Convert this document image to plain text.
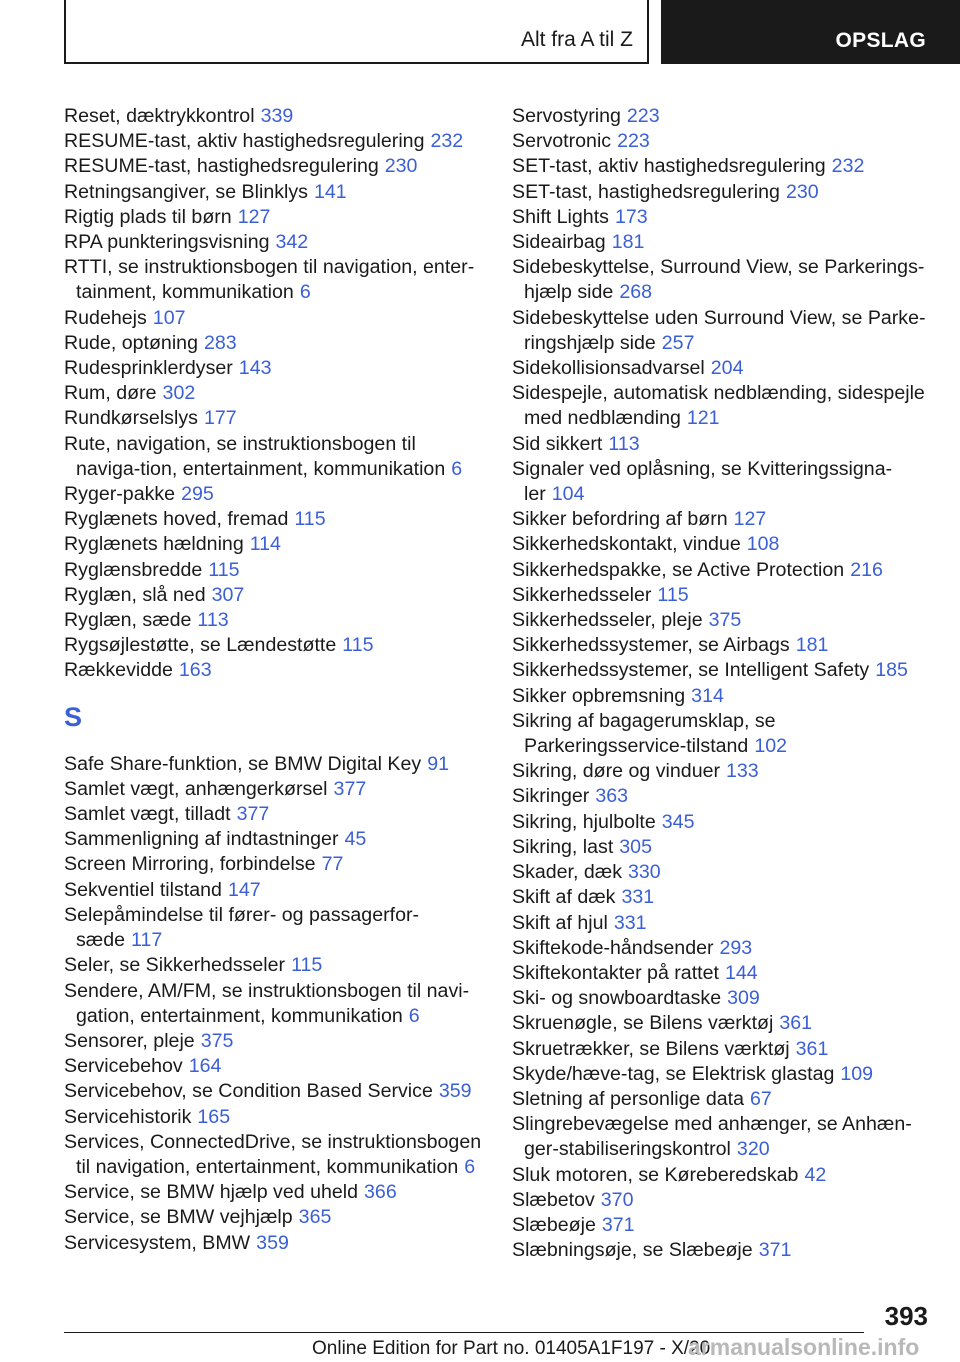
Alt fra A til Z	OPSLAG
Reset, dæktrykkontrol 339
RESUME-tast, aktiv hastighedsregulering 232
RESUME-tast, hastighedsregulering 230
Retningsangiver, se Blinklys 141
Rigtig plads til børn 127
RPA punkteringsvisning 342
RTTI, se instruktionsbogen til navigation, enter-tainment, kommunikation 6
Rudehejs 107
Rude, optøning 283
Rudesprinklerdyser 143
Rum, døre 302
Rundkørselslys 177
Rute, navigation, se instruktionsbogen til naviga-tion, entertainment, kommunikation 6
Ryger-pakke 295
Ryglænets hoved, fremad 115
Ryglænets hældning 114
Ryglænsbredde 115
Ryglæn, slå ned 307
Ryglæn, sæde 113
Rygsøjlestøtte, se Lændestøtte 115
Rækkevidde 163
S
Safe Share-funktion, se BMW Digital Key 91
Samlet vægt, anhængerkørsel 377
Samlet vægt, tilladt 377
Sammenligning af indtastninger 45
Screen Mirroring, forbindelse 77
Sekventiel tilstand 147
Selepåmindelse til fører- og passagerfor-sæde 117
Seler, se Sikkerhedsseler 115
Sendere, AM/FM, se instruktionsbogen til navi-gation, entertainment, kommunikation 6
Sensorer, pleje 375
Servicebehov 164
Servicebehov, se Condition Based Service 359
Servicehistorik 165
Services, ConnectedDrive, se instruktionsbogen til navigation, entertainment, kommunikation 6
Service, se BMW hjælp ved uheld 366
Service, se BMW vejhjælp 365
Servicesystem, BMW 359
Servostyring 223
Servotronic 223
SET-tast, aktiv hastighedsregulering 232
SET-tast, hastighedsregulering 230
Shift Lights 173
Sideairbag 181
Sidebeskyttelse, Surround View, se Parkerings-hjælp side 268
Sidebeskyttelse uden Surround View, se Parke-ringshjælp side 257
Sidekollisionsadvarsel 204
Sidespejle, automatisk nedblænding, sidespejle med nedblænding 121
Sid sikkert 113
Signaler ved oplåsning, se Kvitteringssigna-ler 104
Sikker befordring af børn 127
Sikkerhedskontakt, vindue 108
Sikkerhedspakke, se Active Protection 216
Sikkerhedsseler 115
Sikkerhedsseler, pleje 375
Sikkerhedssystemer, se Airbags 181
Sikkerhedssystemer, se Intelligent Safety 185
Sikker opbremsning 314
Sikring af bagagerumsklap, se Parkeringsservice-tilstand 102
Sikring, døre og vinduer 133
Sikringer 363
Sikring, hjulbolte 345
Sikring, last 305
Skader, dæk 330
Skift af dæk 331
Skift af hjul 331
Skiftekode-håndsender 293
Skiftekontakter på rattet 144
Ski- og snowboardtaske 309
Skruenøgle, se Bilens værktøj 361
Skruetrækker, se Bilens værktøj 361
Skyde/hæve-tag, se Elektrisk glastag 109
Sletning af personlige data 67
Slingrebevægelse med anhænger, se Anhæn-ger-stabiliseringskontrol 320
Sluk motoren, se Køreberedskab 42
Slæbetov 370
Slæbeøje 371
Slæbningsøje, se Slæbeøje 371
393
Online Edition for Part no. 01405A1F197 - X/20
armanualsonline.info
